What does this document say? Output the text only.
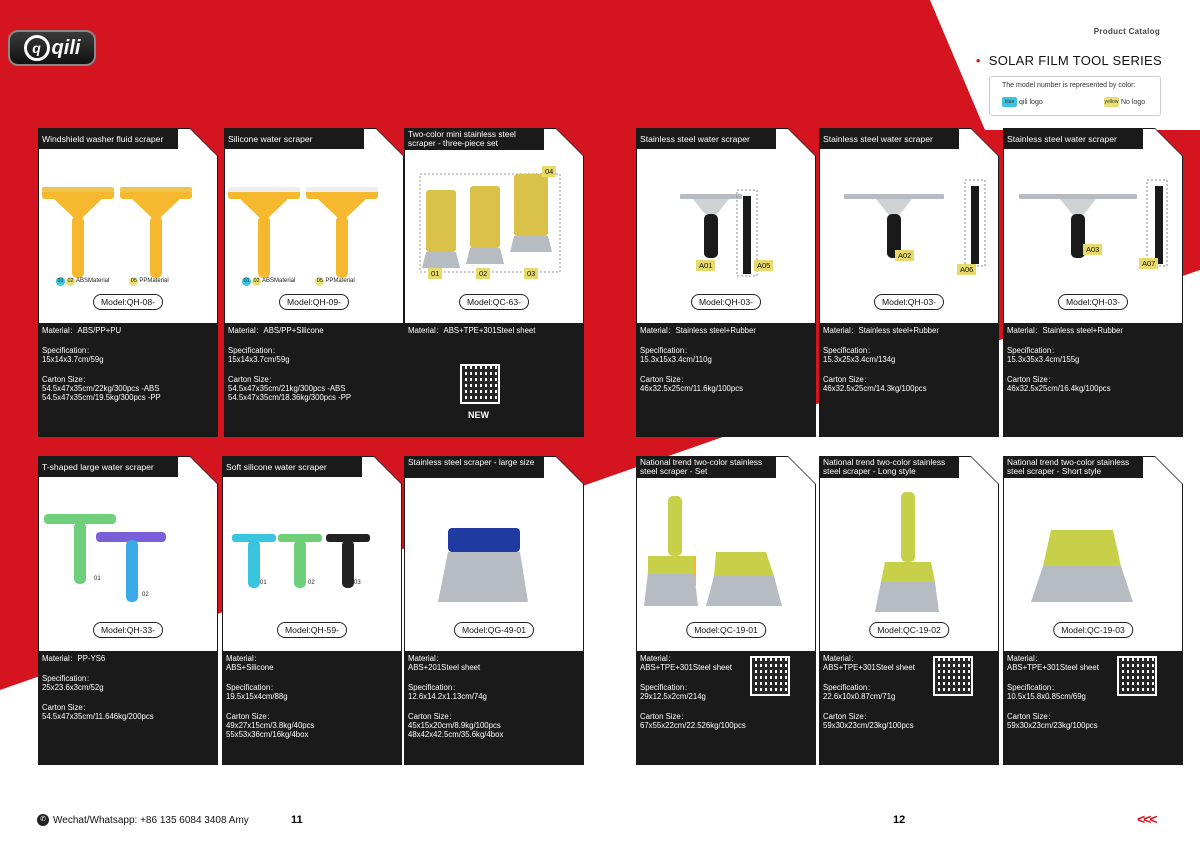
q qili CAR WRAP TINT TOOLS SERIES	Product Catalog
• SOLAR FILM TOOL SERIES
The model number is represented by color:
blue qili logo	yellow No logo
Windshield washer fluid scraper
Model:QH-08-
Material：ABS/PP+PU
Specification：
15x14x3.7cm/59g
Carton Size：
54.5x47x35cm/22kg/300pcs -ABS
54.5x47x35cm/19.5kg/300pcs -PP
01 02 ABSMaterial	05 PPMaterial
Silicone water scraper
Model:QH-09-
Material：ABS/PP+Silicone
Specification：
15x14x3.7cm/59g
Carton Size：
54.5x47x35cm/21kg/300pcs -ABS
54.5x47x35cm/18.36kg/300pcs -PP
01 02 ABSMaterial	05 PPMaterial
Two-color mini stainless steel scraper - three-piece set
Model:QC-63-
Material：ABS+TPE+301Steel sheet
NEW
01	02	03
04
Stainless steel water scraper
Model:QH-03-
Material：Stainless steel+Rubber
Specification：
15.3x15x3.4cm/110g
Carton Size：
46x32.5x25cm/11.6kg/100pcs
A01	A05
Stainless steel water scraper
Model:QH-03-
Material：Stainless steel+Rubber
Specification：
15.3x25x3.4cm/134g
Carton Size：
46x32.5x25cm/14.3kg/100pcs
A02
A06
Stainless steel water scraper
Model:QH-03-
Material：Stainless steel+Rubber
Specification：
15.3x35x3.4cm/155g
Carton Size：
46x32.5x25cm/16.4kg/100pcs
A03
A07
T-shaped large water scraper
Model:QH-33-
Material：PP-YS6
Specification：
25x23.6x3cm/52g
Carton Size：
54.5x47x35cm/11.646kg/200pcs
01
02
Soft silicone water scraper
Model:QH-59-
Material：
ABS+Silicone
Specification：
19.5x15x4cm/88g
Carton Size：
49x27x15cm/3.8kg/40pcs
55x53x36cm/16kg/4box
01	02	03
Stainless steel scraper - large size
Model:QG-49-01
Material：
ABS+201Steel sheet
Specification：
12.6x14.2x1.13cm/74g
Carton Size：
45x15x20cm/8.9kg/100pcs
48x42x42.5cm/35.6kg/4box
National trend two-color stainless steel scraper - Set
Model:QC-19-01
Material：
ABS+TPE+301Steel sheet
Specification：
29x12.5x2cm/214g
Carton Size：
67x55x22cm/22.526kg/100pcs
National trend two-color stainless steel scraper - Long style
Model:QC-19-02
Material：
ABS+TPE+301Steel sheet
Specification：
22.6x10x0.87cm/71g
Carton Size：
59x30x23cm/23kg/100pcs
National trend two-color stainless steel scraper - Short style
Model:QC-19-03
Material：
ABS+TPE+301Steel sheet
Specification：
10.5x15.8x0.85cm/69g
Carton Size：
59x30x23cm/23kg/100pcs
✆ Wechat/Whatsapp: +86 135 6084 3408 Amy	11	12	<<<
